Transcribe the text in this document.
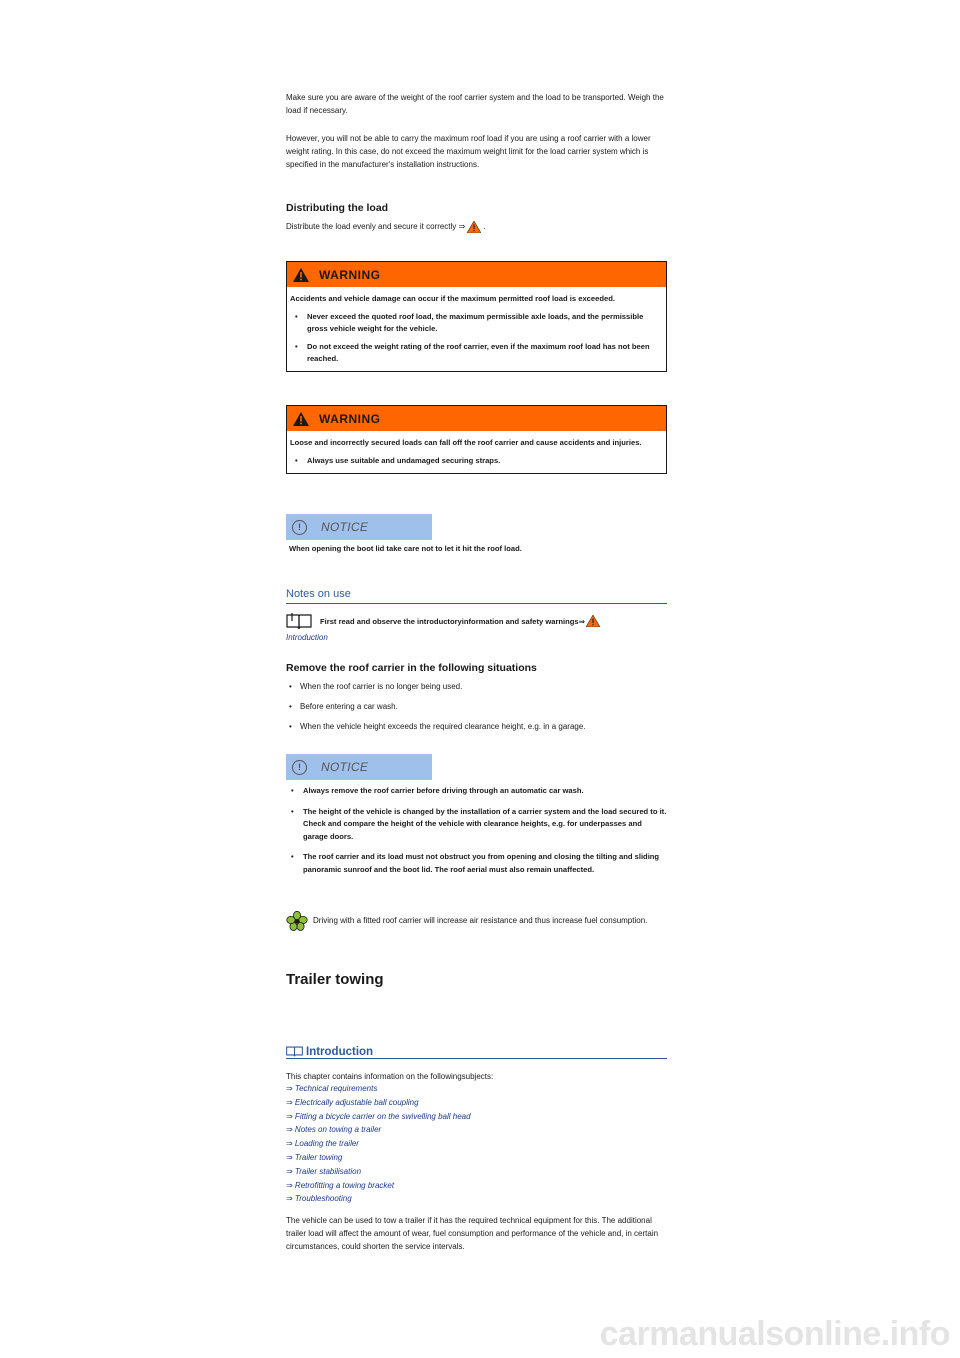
Make sure you are aware of the weight of the roof carrier system and the load to be transported. Weigh the load if necessary.

However, you will not be able to carry the maximum roof load if you are using a roof carrier with a lower weight rating. In this case, do not exceed the maximum weight limit for the load carrier system which is specified in the manufacturer's installation instructions.

Distributing the load

Distribute the load evenly and secure it correctly ⇒ .

WARNING

Accidents and vehicle damage can occur if the maximum permitted roof load is exceeded.

• Never exceed the quoted roof load, the maximum permissible axle loads, and the permissible gross vehicle weight for the vehicle.
• Do not exceed the weight rating of the roof carrier, even if the maximum roof load has not been reached.
WARNING

Loose and incorrectly secured loads can fall off the roof carrier and cause accidents and injuries.

• Always use suitable and undamaged securing straps.
!	NOTICE

When opening the boot lid take care not to let it hit the roof load.

Notes on use
First read and observe the introductoryinformation and safety warnings⇒
Introduction
Remove the roof carrier in the following situations
• When the roof carrier is no longer being used.
• Before entering a car wash.
• When the vehicle height exceeds the required clearance height, e.g. in a garage.
!	NOTICE
• Always remove the roof carrier before driving through an automatic car wash.
• The height of the vehicle is changed by the installation of a carrier system and the load secured to it. Check and compare the height of the vehicle with clearance heights, e.g. for underpasses and garage doors.
• The roof carrier and its load must not obstruct you from opening and closing the tilting and sliding panoramic sunroof and the boot lid. The roof aerial must also remain unaffected.

Driving with a fitted roof carrier will increase air resistance and thus increase fuel consumption.

Trailer towing
Introduction

This chapter contains information on the followingsubjects:

⇒ Technical requirements
⇒ Electrically adjustable ball coupling
⇒ Fitting a bicycle carrier on the swivelling ball head
⇒ Notes on towing a trailer
⇒ Loading the trailer
⇒ Trailer towing
⇒ Trailer stabilisation
⇒ Retrofitting a towing bracket
⇒ Troubleshooting

The vehicle can be used to tow a trailer if it has the required technical equipment for this. The additional trailer load will affect the amount of wear, fuel consumption and performance of the vehicle and, in certain circumstances, could shorten the service intervals.

carmanualsonline.info
